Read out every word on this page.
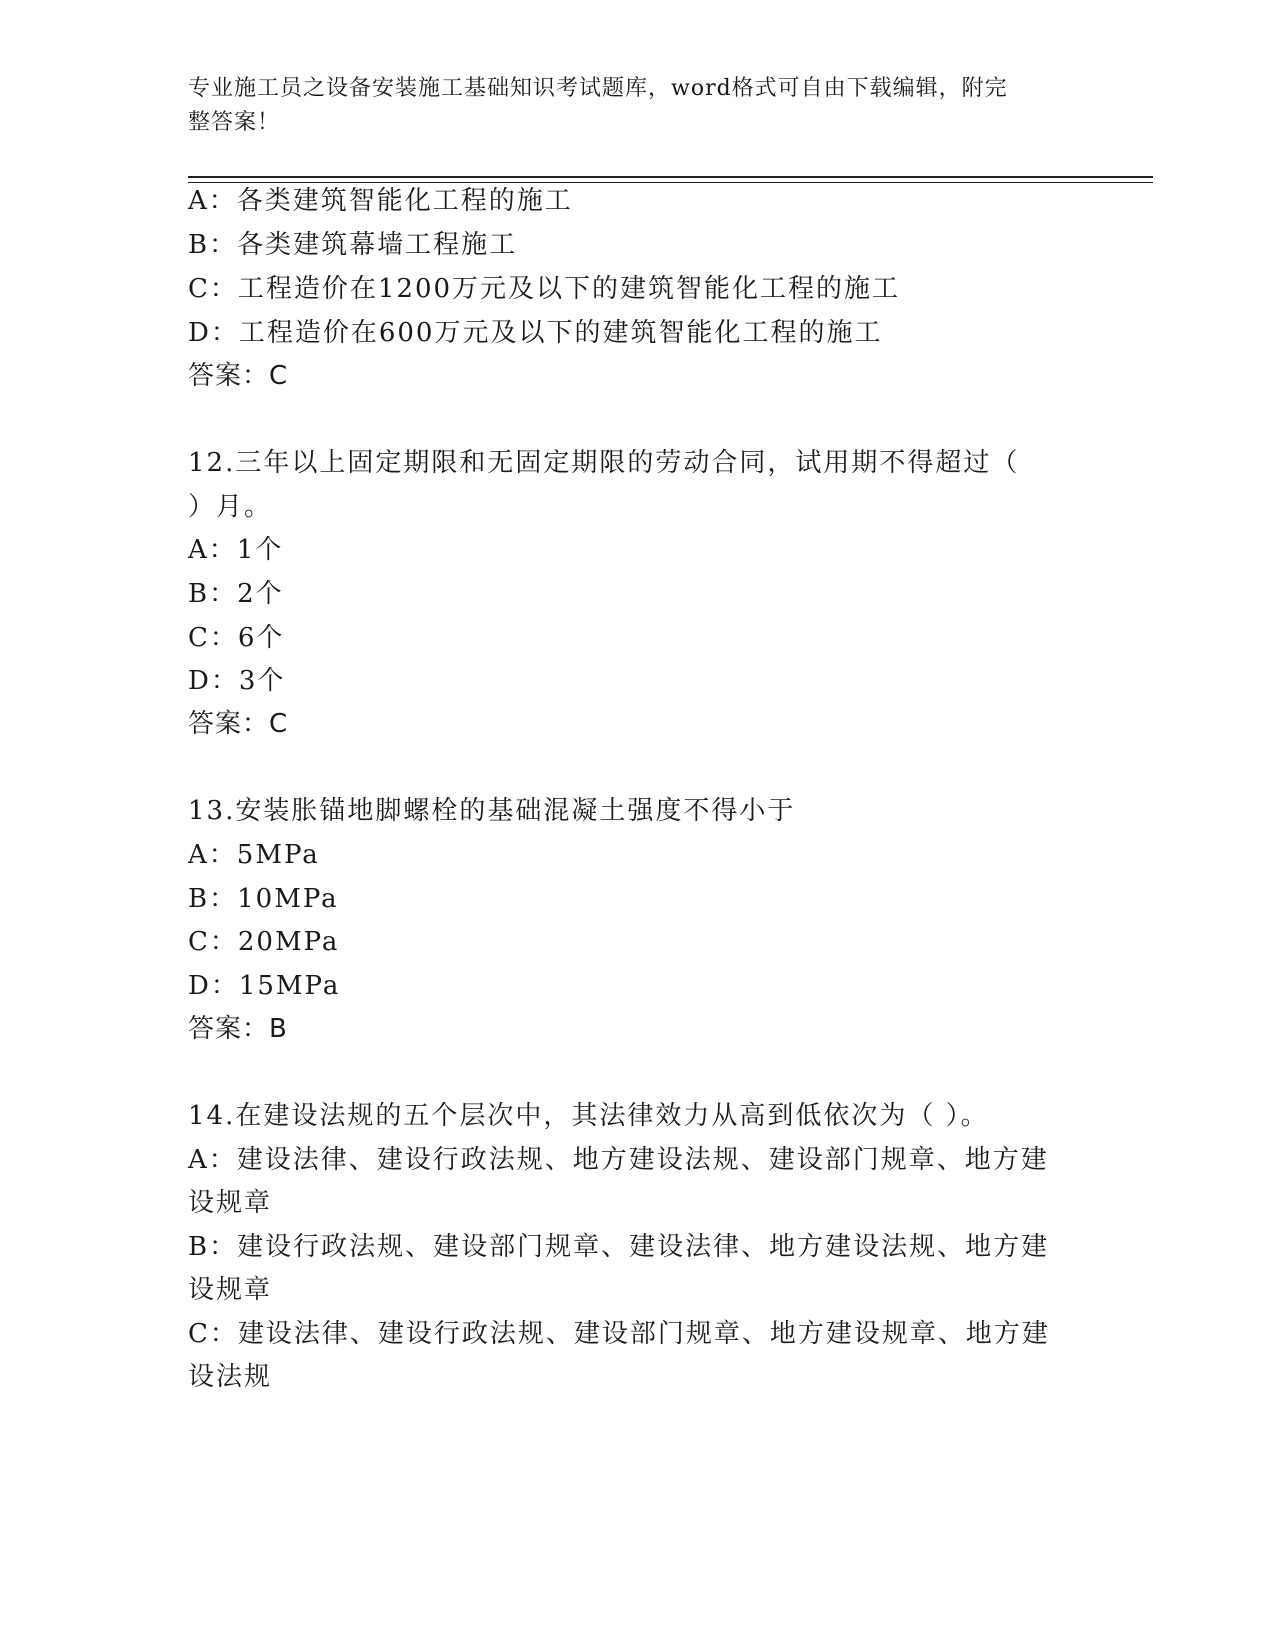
专业施工员之设备安装施工基础知识考试题库，word格式可自由下载编辑，附完
整答案！
A：各类建筑智能化工程的施工
B：各类建筑幕墙工程施工
C：工程造价在1200万元及以下的建筑智能化工程的施工
D：工程造价在600万元及以下的建筑智能化工程的施工
答案：C
12.三年以上固定期限和无固定期限的劳动合同，试用期不得超过（
）月。
A：1个
B：2个
C：6个
D：3个
答案：C
13.安装胀锚地脚螺栓的基础混凝土强度不得小于
A：5MPa
B：10MPa
C：20MPa
D：15MPa
答案：B
14.在建设法规的五个层次中，其法律效力从高到低依次为（ ）。
A：建设法律、建设行政法规、地方建设法规、建设部门规章、地方建
设规章
B：建设行政法规、建设部门规章、建设法律、地方建设法规、地方建
设规章
C：建设法律、建设行政法规、建设部门规章、地方建设规章、地方建
设法规
